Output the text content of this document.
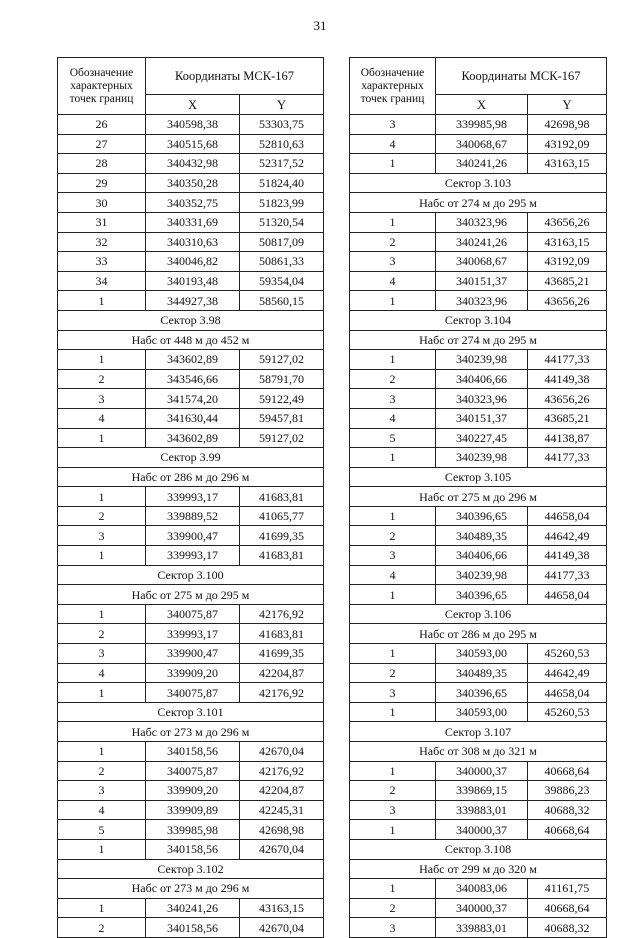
31
Обозначение характерных точек границ	Координаты МСК-167	
	X	Y
26	340598,38	53303,75
27	340515,68	52810,63
28	340432,98	52317,52
29	340350,28	51824,40
30	340352,75	51823,99
31	340331,69	51320,54
32	340310,63	50817,09
33	340046,82	50861,33
34	340193,48	59354,04
1	344927,38	58560,15
Сектор 3.98		
Набс от 448 м до 452 м		
1	343602,89	59127,02
2	343546,66	58791,70
3	341574,20	59122,49
4	341630,44	59457,81
1	343602,89	59127,02
Сектор 3.99		
Набс от 286 м до 296 м		
1	339993,17	41683,81
2	339889,52	41065,77
3	339900,47	41699,35
1	339993,17	41683,81
Сектор 3.100		
Набс от 275 м до 295 м		
1	340075,87	42176,92
2	339993,17	41683,81
3	339900,47	41699,35
4	339909,20	42204,87
1	340075,87	42176,92
Сектор 3.101		
Набс от 273 м до 296 м		
1	340158,56	42670,04
2	340075,87	42176,92
3	339909,20	42204,87
4	339909,89	42245,31
5	339985,98	42698,98
1	340158,56	42670,04
Сектор 3.102		
Набс от 273 м до 296 м		
1	340241,26	43163,15
2	340158,56	42670,04
Обозначение характерных точек границ	Координаты МСК-167	
	X	Y
3	339985,98	42698,98
4	340068,67	43192,09
1	340241,26	43163,15
Сектор 3.103		
Набс от 274 м до 295 м		
1	340323,96	43656,26
2	340241,26	43163,15
3	340068,67	43192,09
4	340151,37	43685,21
1	340323,96	43656,26
Сектор 3.104		
Набс от 274 м до 295 м		
1	340239,98	44177,33
2	340406,66	44149,38
3	340323,96	43656,26
4	340151,37	43685,21
5	340227,45	44138,87
1	340239,98	44177,33
Сектор 3.105		
Набс от 275 м до 296 м		
1	340396,65	44658,04
2	340489,35	44642,49
3	340406,66	44149,38
4	340239,98	44177,33
1	340396,65	44658,04
Сектор 3.106		
Набс от 286 м до 295 м		
1	340593,00	45260,53
2	340489,35	44642,49
3	340396,65	44658,04
1	340593,00	45260,53
Сектор 3.107		
Набс от 308 м до 321 м		
1	340000,37	40668,64
2	339869,15	39886,23
3	339883,01	40688,32
1	340000,37	40668,64
Сектор 3.108		
Набс от 299 м до 320 м		
1	340083,06	41161,75
2	340000,37	40668,64
3	339883,01	40688,32
